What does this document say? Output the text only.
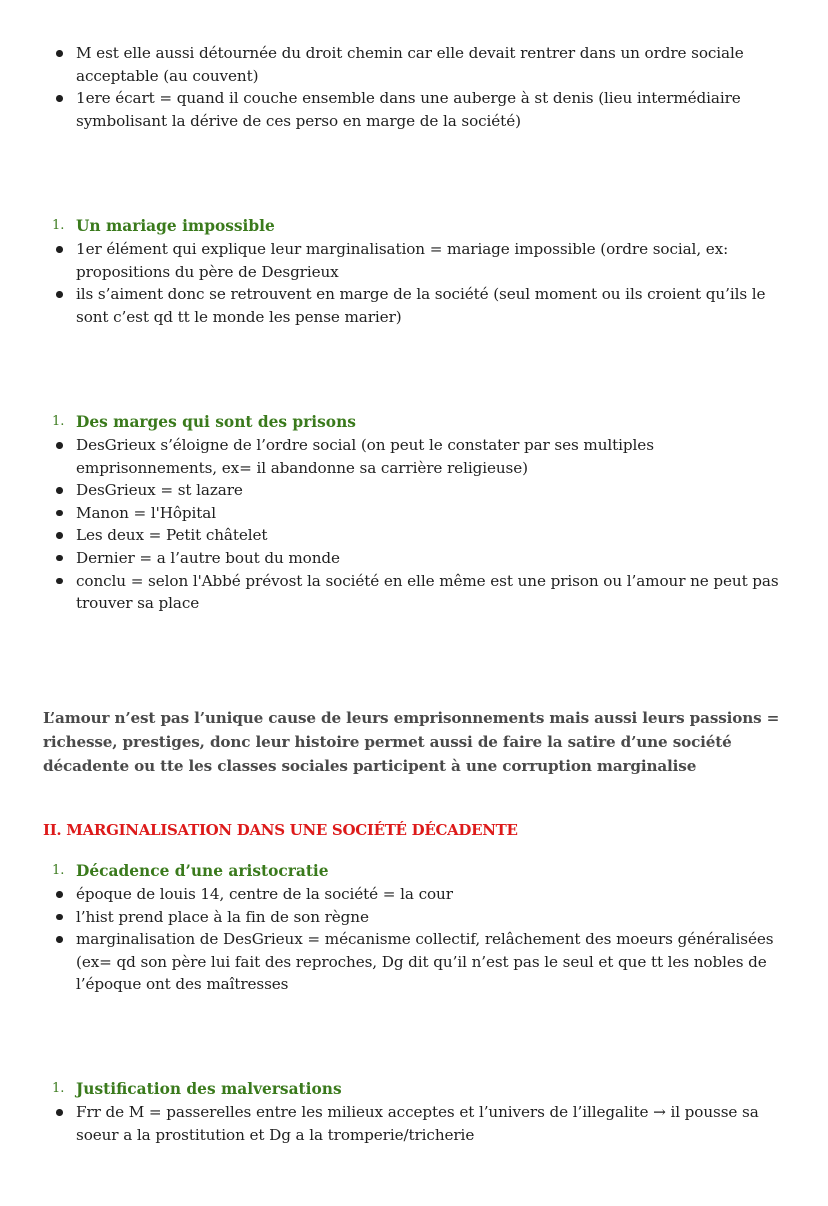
M est elle aussi détournée du droit chemin car elle devait rentrer dans un ordre sociale acceptable (au couvent)
1ere écart = quand il couche ensemble dans une auberge à st denis (lieu intermédiaire symbolisant la dérive de ces perso en marge de la société)
1. Un mariage impossible
1er élément qui explique leur marginalisation = mariage impossible (ordre social, ex: propositions du père de Desgrieux
ils s’aiment donc se retrouvent en marge de la société (seul moment ou ils croient qu’ils le sont c’est qd tt le monde les pense marier)
1. Des marges qui sont des prisons
DesGrieux s’éloigne de l’ordre social (on peut le constater par ses multiples emprisonnements, ex= il abandonne sa carrière religieuse)
DesGrieux = st lazare
Manon = l'Hôpital
Les deux = Petit châtelet
Dernier = a l’autre bout du monde
conclu = selon l'Abbé prévost la société en elle même est une prison ou l’amour ne peut pas trouver sa place
L’amour n’est pas l’unique cause de leurs emprisonnements mais aussi leurs passions = richesse, prestiges, donc leur histoire permet aussi de faire la satire d’une société décadente ou tte les classes sociales participent à une corruption marginalise
II. MARGINALISATION DANS UNE SOCIÉTÉ DÉCADENTE
1. Décadence d’une aristocratie
époque de louis 14, centre de la société = la cour
l’hist prend place à la fin de son règne
marginalisation de DesGrieux = mécanisme collectif, relâchement des moeurs généralisées (ex= qd son père lui fait des reproches, Dg dit qu’il n’est pas le seul et que tt les nobles de l’époque ont des maîtresses
1. Justification des malversations
Frr de M = passerelles entre les milieux acceptes et l’univers de l’illegalite → il pousse sa soeur a la prostitution et Dg a la tromperie/tricherie
